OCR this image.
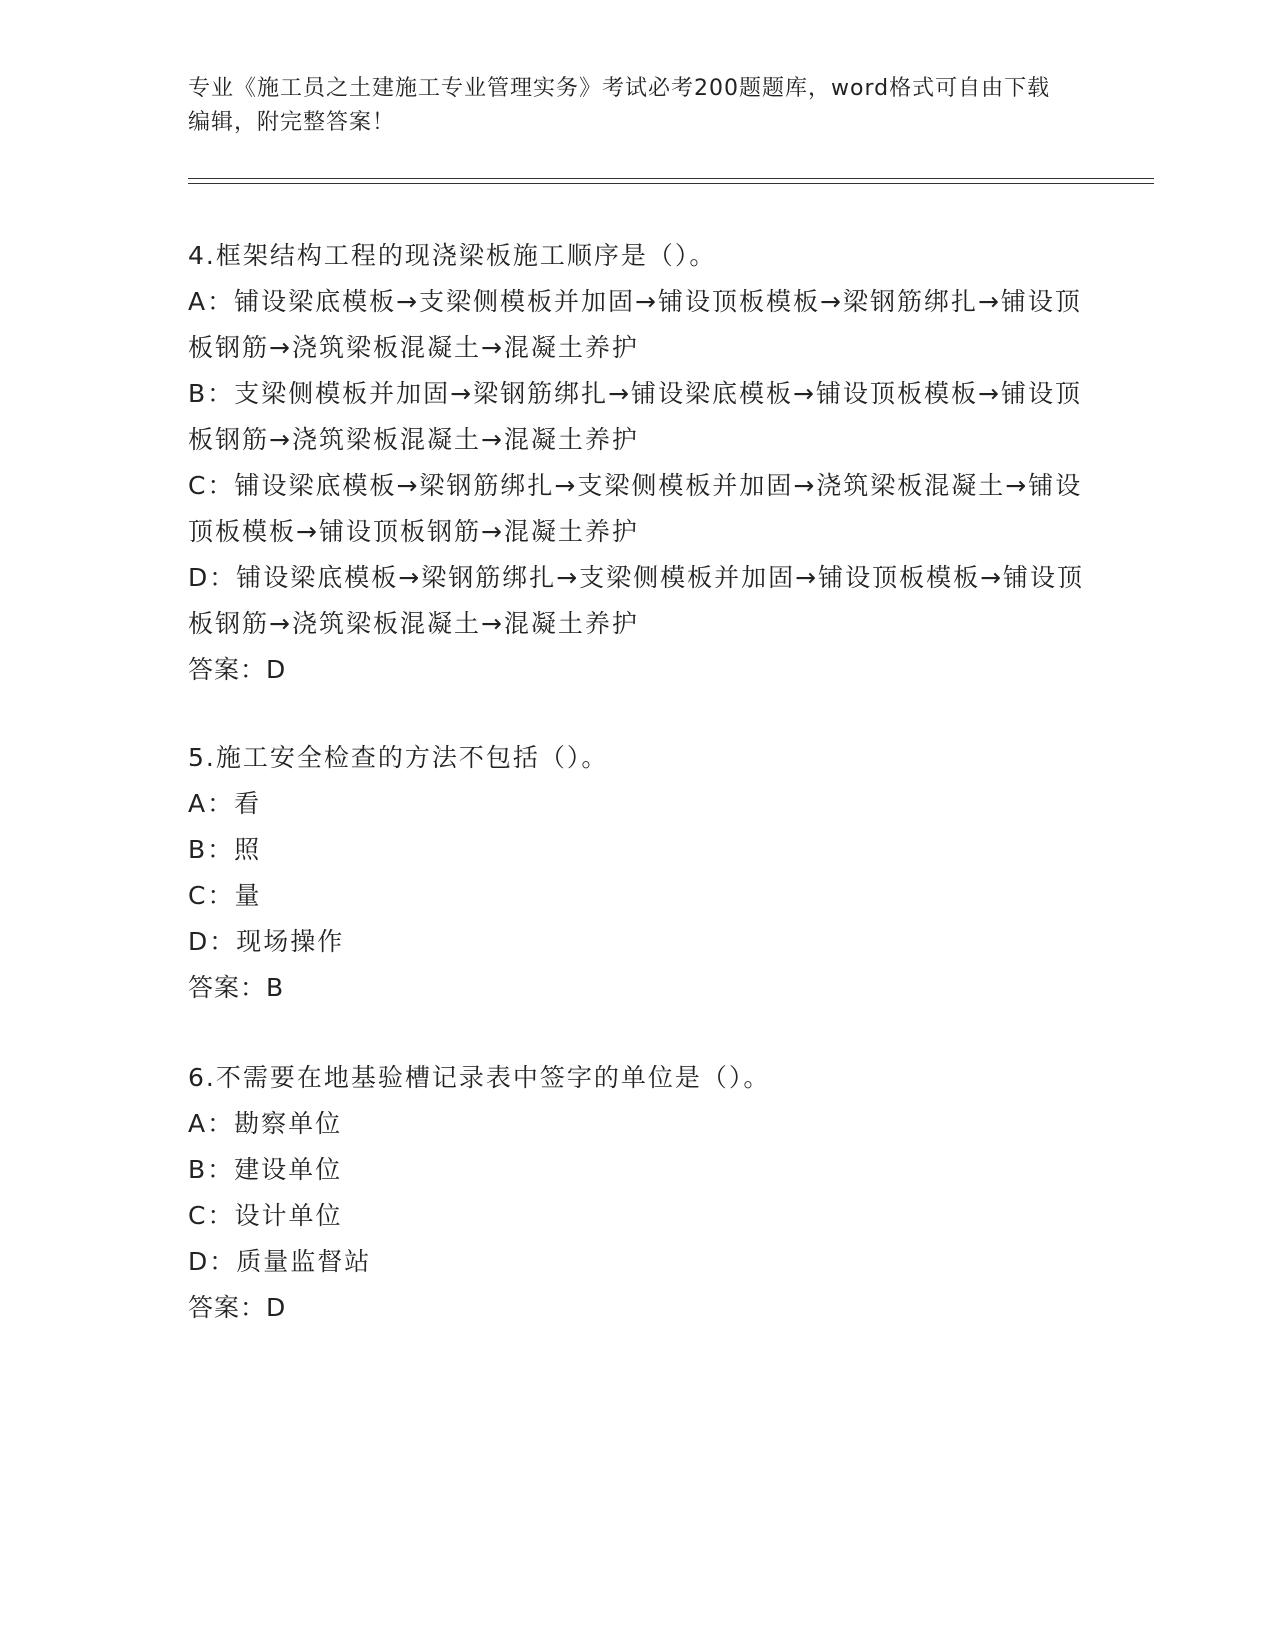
专业《施工员之土建施工专业管理实务》考试必考200题题库，word格式可自由下载编辑，附完整答案！
4.框架结构工程的现浇梁板施工顺序是（）。
A：铺设梁底模板→支梁侧模板并加固→铺设顶板模板→梁钢筋绑扎→铺设顶板钢筋→浇筑梁板混凝土→混凝土养护
B：支梁侧模板并加固→梁钢筋绑扎→铺设梁底模板→铺设顶板模板→铺设顶板钢筋→浇筑梁板混凝土→混凝土养护
C：铺设梁底模板→梁钢筋绑扎→支梁侧模板并加固→浇筑梁板混凝土→铺设顶板模板→铺设顶板钢筋→混凝土养护
D：铺设梁底模板→梁钢筋绑扎→支梁侧模板并加固→铺设顶板模板→铺设顶板钢筋→浇筑梁板混凝土→混凝土养护
答案：D
5.施工安全检查的方法不包括（）。
A：看
B：照
C：量
D：现场操作
答案：B
6.不需要在地基验槽记录表中签字的单位是（）。
A：勘察单位
B：建设单位
C：设计单位
D：质量监督站
答案：D
